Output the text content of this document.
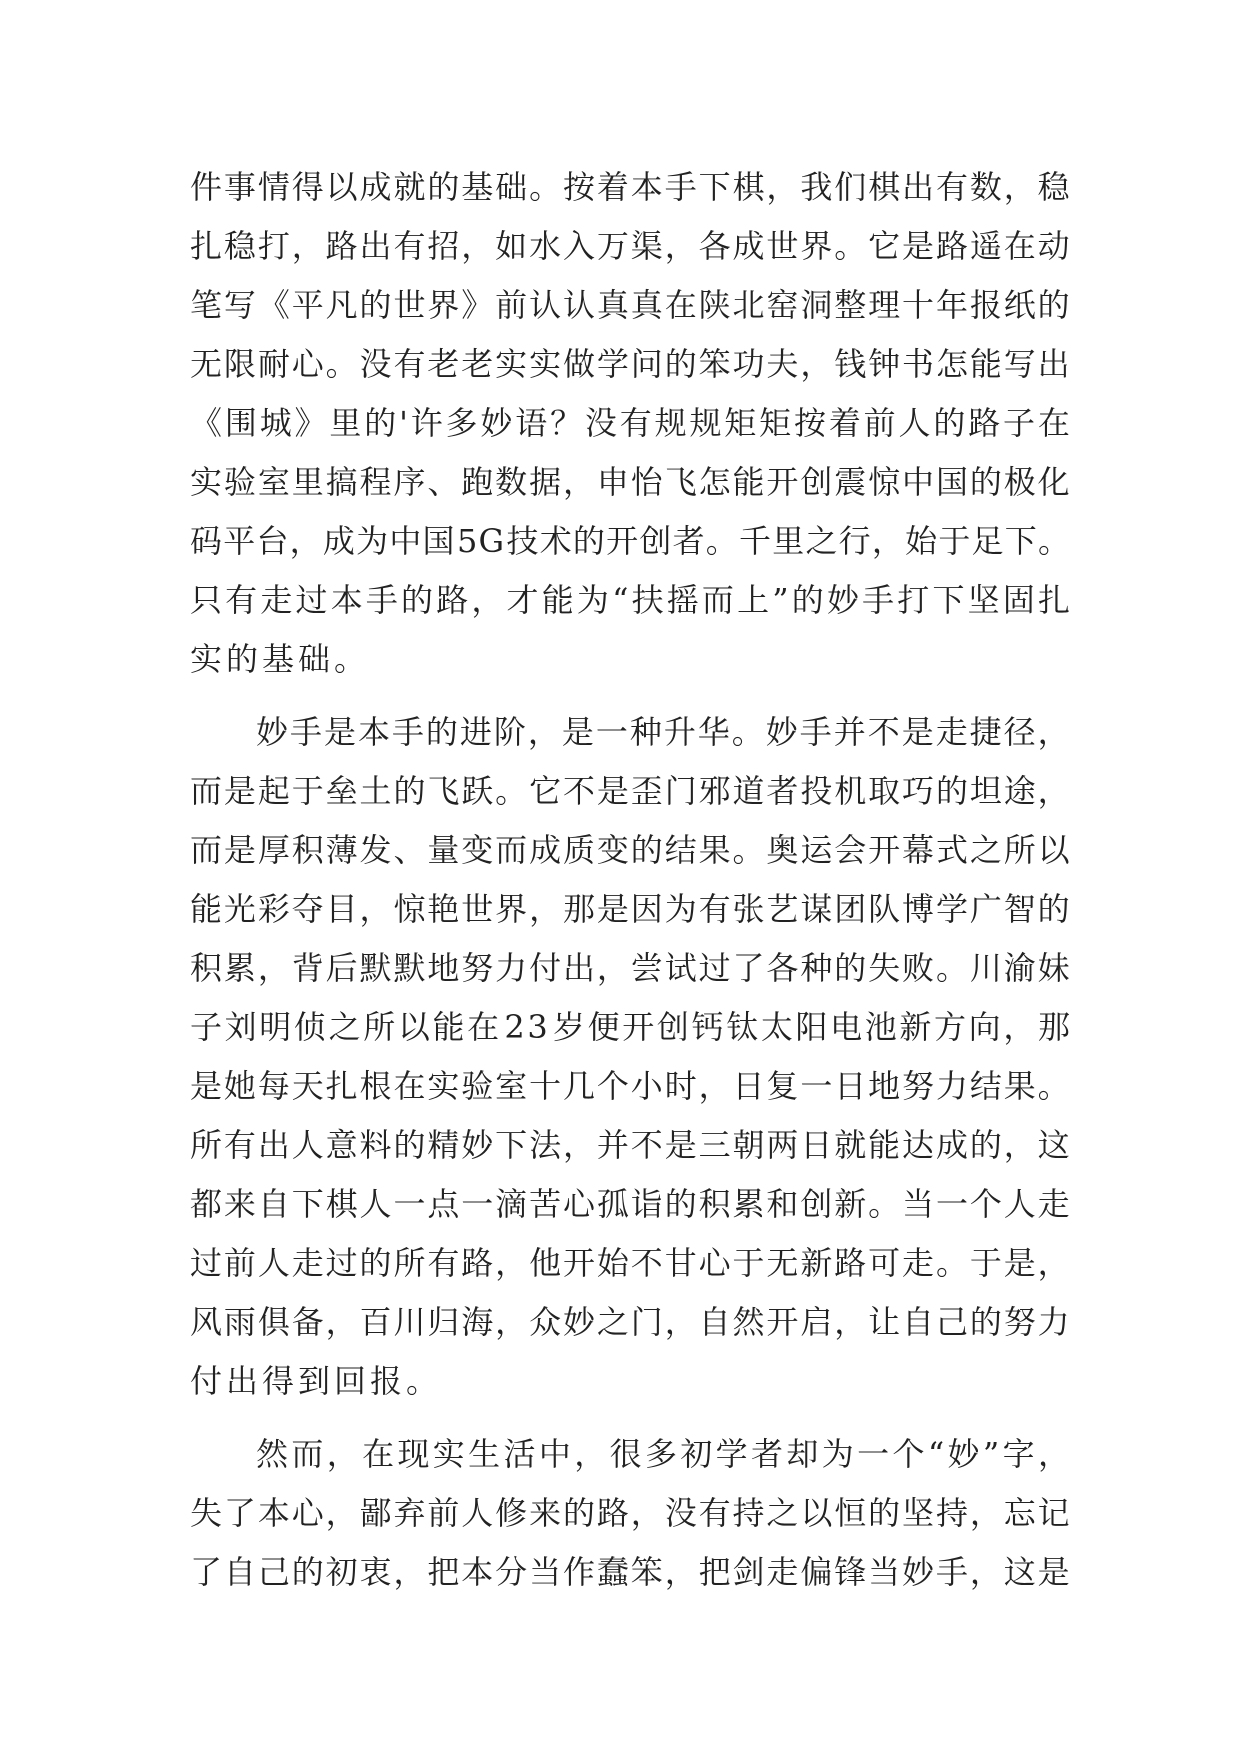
件 事 情 得 以 成 就 的 基 础 。 按 着 本 手 下 棋 ， 我 们 棋 出 有 数 ， 稳
扎 稳 打 ， 路 出 有 招 ， 如 水 入 万 渠 ， 各 成 世 界 。 它 是 路 遥 在 动
笔 写 《 平 凡 的 世 界 》 前 认 认 真 真 在 陕 北 窑 洞 整 理 十 年 报 纸 的
无 限 耐 心 。 没 有 老 老 实 实 做 学 问 的 笨 功 夫 ， 钱 钟 书 怎 能 写 出
《 围 城 》 里 的 ' 许 多 妙 语 ？ 没 有 规 规 矩 矩 按 着 前 人 的 路 子 在
实 验 室 里 搞 程 序 、 跑 数 据 ， 申 怡 飞 怎 能 开 创 震 惊 中 国 的 极 化
码 平 台 ， 成 为 中 国 5 G 技 术 的 开 创 者 。 千 里 之 行 ， 始 于 足 下 。
只 有 走 过 本 手 的 路 ， 才 能 为 “ 扶 摇 而 上 ” 的 妙 手 打 下 坚 固 扎
实的基础。
妙 手 是 本 手 的 进 阶 ， 是 一 种 升 华 。 妙 手 并 不 是 走 捷 径 ，
而 是 起 于 垒 土 的 飞 跃 。 它 不 是 歪 门 邪 道 者 投 机 取 巧 的 坦 途 ，
而 是 厚 积 薄 发 、 量 变 而 成 质 变 的 结 果 。 奥 运 会 开 幕 式 之 所 以
能 光 彩 夺 目 ， 惊 艳 世 界 ， 那 是 因 为 有 张 艺 谋 团 队 博 学 广 智 的
积 累 ， 背 后 默 默 地 努 力 付 出 ， 尝 试 过 了 各 种 的 失 败 。 川 渝 妹
子 刘 明 侦 之 所 以 能 在 2 3 岁 便 开 创 钙 钛 太 阳 电 池 新 方 向 ， 那
是 她 每 天 扎 根 在 实 验 室 十 几 个 小 时 ， 日 复 一 日 地 努 力 结 果 。
所 有 出 人 意 料 的 精 妙 下 法 ， 并 不 是 三 朝 两 日 就 能 达 成 的 ， 这
都 来 自 下 棋 人 一 点 一 滴 苦 心 孤 诣 的 积 累 和 创 新 。 当 一 个 人 走
过 前 人 走 过 的 所 有 路 ， 他 开 始 不 甘 心 于 无 新 路 可 走 。 于 是 ，
风 雨 俱 备 ， 百 川 归 海 ， 众 妙 之 门 ， 自 然 开 启 ， 让 自 己 的 努 力
付出得到回报。
然 而 ， 在 现 实 生 活 中 ， 很 多 初 学 者 却 为 一 个 “ 妙 ” 字 ，
失 了 本 心 ， 鄙 弃 前 人 修 来 的 路 ， 没 有 持 之 以 恒 的 坚 持 ， 忘 记
了 自 己 的 初 衷 ， 把 本 分 当 作 蠢 笨 ， 把 剑 走 偏 锋 当 妙 手 ， 这 是
